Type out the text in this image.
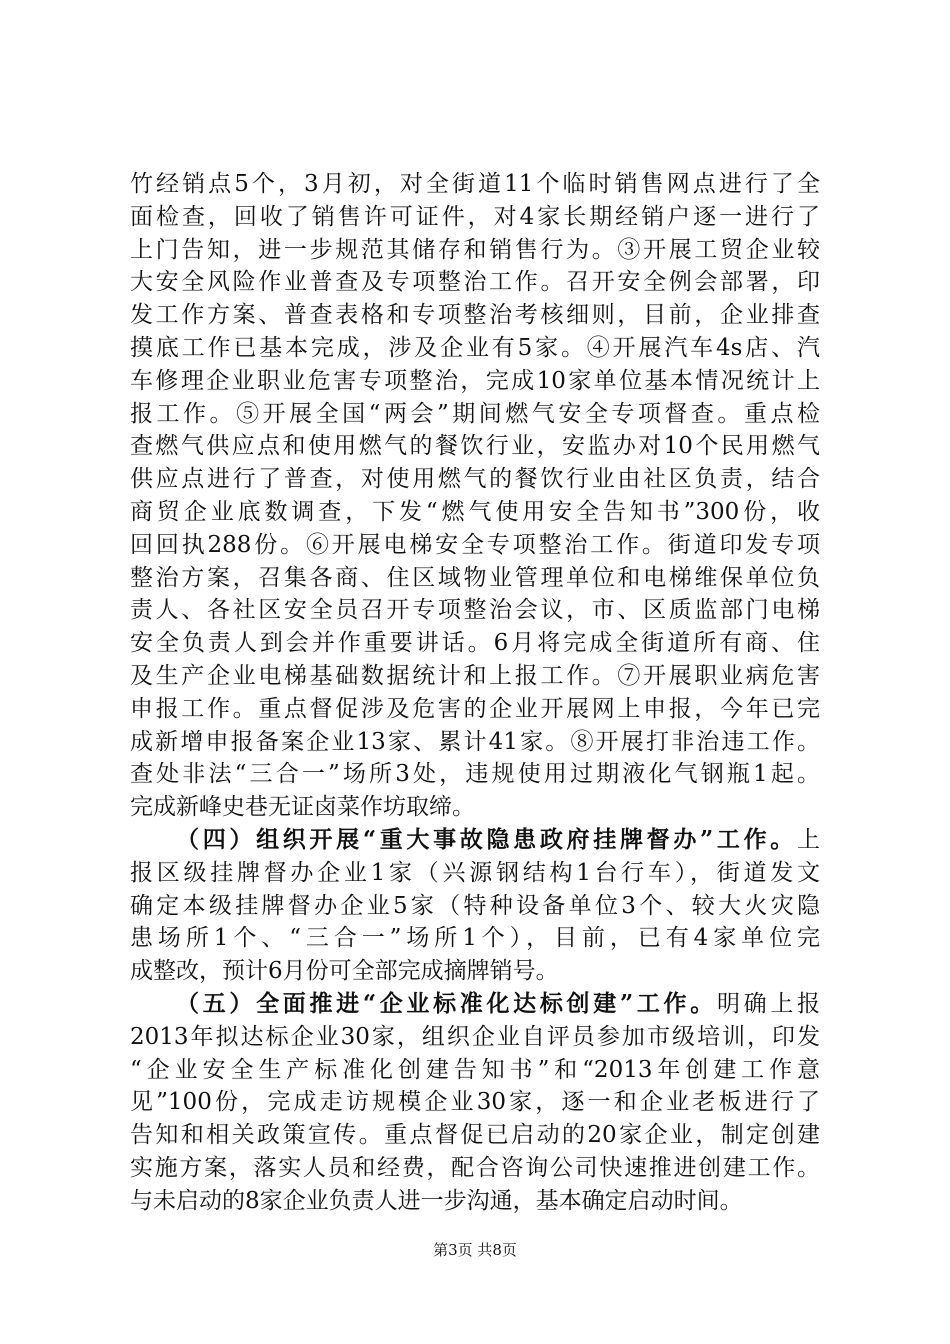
竹经销点5个，3月初，对全街道11个临时销售网点进行了全
面检查，回收了销售许可证件，对4家长期经销户逐一进行了
上门告知，进一步规范其储存和销售行为。③开展工贸企业较
大安全风险作业普查及专项整治工作。召开安全例会部署，印
发工作方案、普查表格和专项整治考核细则，目前，企业排查
摸底工作已基本完成，涉及企业有5家。④开展汽车4s店、汽
车修理企业职业危害专项整治，完成10家单位基本情况统计上
报工作。⑤开展全国“两会”期间燃气安全专项督查。重点检
查燃气供应点和使用燃气的餐饮行业，安监办对10个民用燃气
供应点进行了普查，对使用燃气的餐饮行业由社区负责，结合
商贸企业底数调查，下发“燃气使用安全告知书”300份，收
回回执288份。⑥开展电梯安全专项整治工作。街道印发专项
整治方案，召集各商、住区域物业管理单位和电梯维保单位负
责人、各社区安全员召开专项整治会议，市、区质监部门电梯
安全负责人到会并作重要讲话。6月将完成全街道所有商、住
及生产企业电梯基础数据统计和上报工作。⑦开展职业病危害
申报工作。重点督促涉及危害的企业开展网上申报，今年已完
成新增申报备案企业13家、累计41家。⑧开展打非治违工作。
查处非法“三合一”场所3处，违规使用过期液化气钢瓶1起。
完成新峰史巷无证卤菜作坊取缔。
（四）组织开展“重大事故隐患政府挂牌督办”工作。上
报区级挂牌督办企业1家（兴源钢结构1台行车），街道发文
确定本级挂牌督办企业5家（特种设备单位3个、较大火灾隐
患场所1个、“三合一”场所1个），目前，已有4家单位完
成整改，预计6月份可全部完成摘牌销号。
（五）全面推进“企业标准化达标创建”工作。明确上报
2013年拟达标企业30家，组织企业自评员参加市级培训，印发
“企业安全生产标准化创建告知书”和“2013年创建工作意
见”100份，完成走访规模企业30家，逐一和企业老板进行了
告知和相关政策宣传。重点督促已启动的20家企业，制定创建
实施方案，落实人员和经费，配合咨询公司快速推进创建工作。
与未启动的8家企业负责人进一步沟通，基本确定启动时间。
第3页 共8页
